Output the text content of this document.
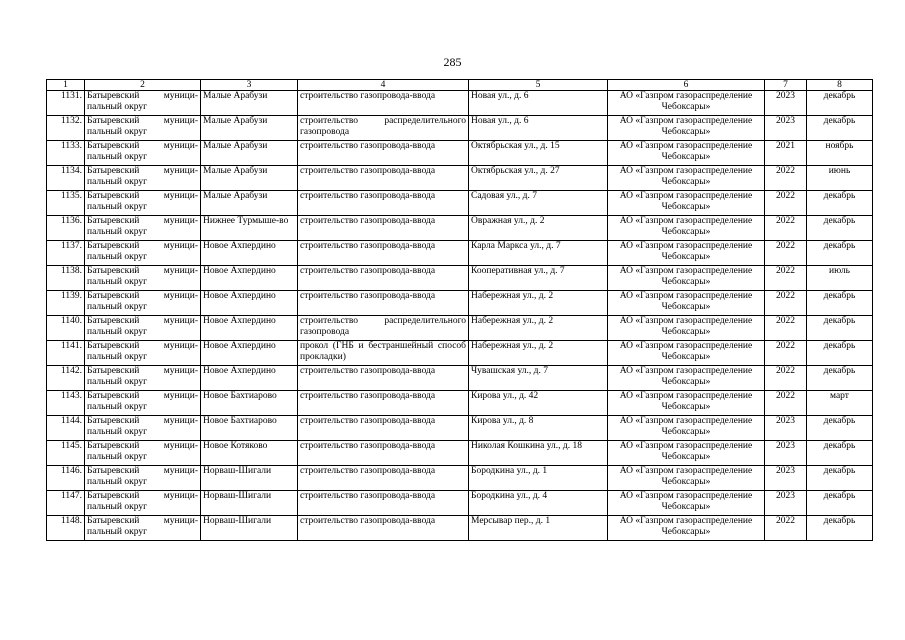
285
1	2	3	4	5	6	7	8
1131.	Батыревский муници-пальный округ	Малые Арабузи	строительство газопровода-ввода	Новая ул., д. 6	АО «Газпром газораспределение Чебоксары»	2023	декабрь
1132.	Батыревский муници-пальный округ	Малые Арабузи	строительство распределительного газопровода	Новая ул., д. 6	АО «Газпром газораспределение Чебоксары»	2023	декабрь
1133.	Батыревский муници-пальный округ	Малые Арабузи	строительство газопровода-ввода	Октябрьская ул., д. 15	АО «Газпром газораспределение Чебоксары»	2021	ноябрь
1134.	Батыревский муници-пальный округ	Малые Арабузи	строительство газопровода-ввода	Октябрьская ул., д. 27	АО «Газпром газораспределение Чебоксары»	2022	июнь
1135.	Батыревский муници-пальный округ	Малые Арабузи	строительство газопровода-ввода	Садовая ул., д. 7	АО «Газпром газораспределение Чебоксары»	2022	декабрь
1136.	Батыревский муници-пальный округ	Нижнее Турмыше-во	строительство газопровода-ввода	Овражная ул., д. 2	АО «Газпром газораспределение Чебоксары»	2022	декабрь
1137.	Батыревский муници-пальный округ	Новое Ахпердино	строительство газопровода-ввода	Карла Маркса ул., д. 7	АО «Газпром газораспределение Чебоксары»	2022	декабрь
1138.	Батыревский муници-пальный округ	Новое Ахпердино	строительство газопровода-ввода	Кооперативная ул., д. 7	АО «Газпром газораспределение Чебоксары»	2022	июль
1139.	Батыревский муници-пальный округ	Новое Ахпердино	строительство газопровода-ввода	Набережная ул., д. 2	АО «Газпром газораспределение Чебоксары»	2022	декабрь
1140.	Батыревский муници-пальный округ	Новое Ахпердино	строительство распределительного газопровода	Набережная ул., д. 2	АО «Газпром газораспределение Чебоксары»	2022	декабрь
1141.	Батыревский муници-пальный округ	Новое Ахпердино	прокол (ГНБ и бестраншейный способ прокладки)	Набережная ул., д. 2	АО «Газпром газораспределение Чебоксары»	2022	декабрь
1142.	Батыревский муници-пальный округ	Новое Ахпердино	строительство газопровода-ввода	Чувашская ул., д. 7	АО «Газпром газораспределение Чебоксары»	2022	декабрь
1143.	Батыревский муници-пальный округ	Новое Бахтиарово	строительство газопровода-ввода	Кирова ул., д. 42	АО «Газпром газораспределение Чебоксары»	2022	март
1144.	Батыревский муници-пальный округ	Новое Бахтиарово	строительство газопровода-ввода	Кирова ул., д. 8	АО «Газпром газораспределение Чебоксары»	2023	декабрь
1145.	Батыревский муници-пальный округ	Новое Котяково	строительство газопровода-ввода	Николая Кошкина ул., д. 18	АО «Газпром газораспределение Чебоксары»	2023	декабрь
1146.	Батыревский муници-пальный округ	Норваш-Шигали	строительство газопровода-ввода	Бородкина ул., д. 1	АО «Газпром газораспределение Чебоксары»	2023	декабрь
1147.	Батыревский муници-пальный округ	Норваш-Шигали	строительство газопровода-ввода	Бородкина ул., д. 4	АО «Газпром газораспределение Чебоксары»	2023	декабрь
1148.	Батыревский муници-пальный округ	Норваш-Шигали	строительство газопровода-ввода	Мерсывар пер., д. 1	АО «Газпром газораспределение Чебоксары»	2022	декабрь
